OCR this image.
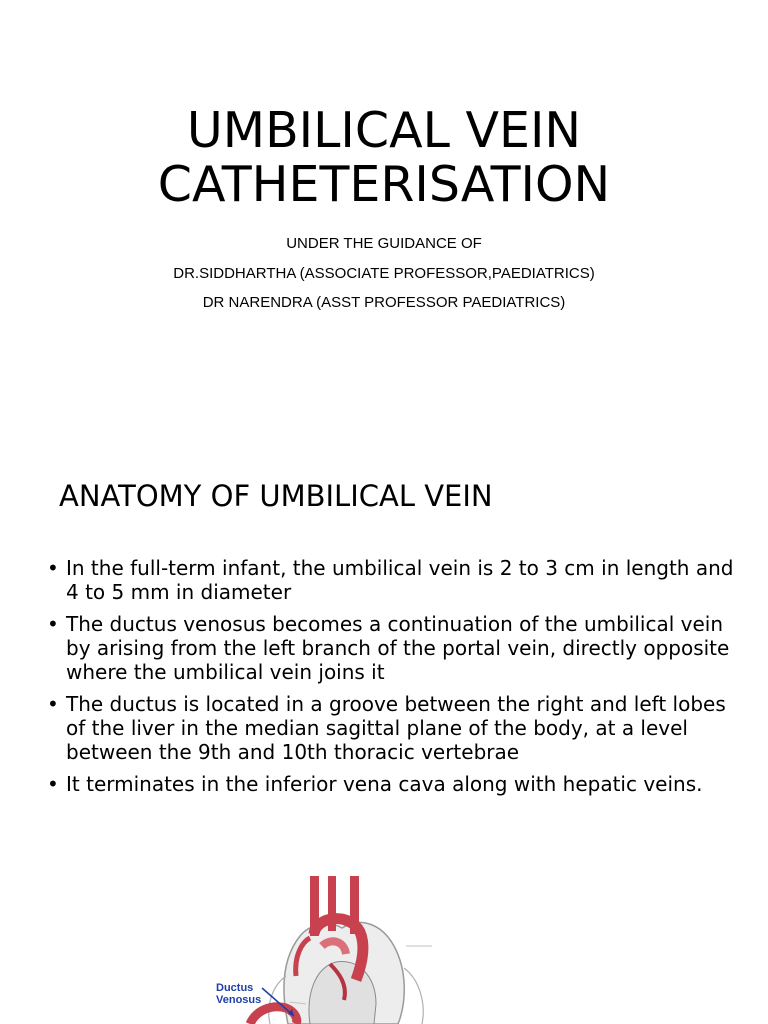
UMBILICAL VEIN
CATHETERISATION
UNDER THE GUIDANCE OF
DR.SIDDHARTHA (ASSOCIATE PROFESSOR,PAEDIATRICS)
DR NARENDRA (ASST PROFESSOR PAEDIATRICS)
ANATOMY OF UMBILICAL VEIN
• In the full-term infant, the umbilical vein is 2 to 3 cm in length and 4 to 5 mm in diameter
• The ductus venosus becomes a continuation of the umbilical vein by arising from the left branch of the portal vein, directly opposite where the umbilical vein joins it
• The ductus is located in a groove between the right and left lobes of the liver in the median sagittal plane of the body, at a level between the 9th and 10th thoracic vertebrae
• It terminates in the inferior vena cava along with hepatic veins.
Ductus
Venosus
